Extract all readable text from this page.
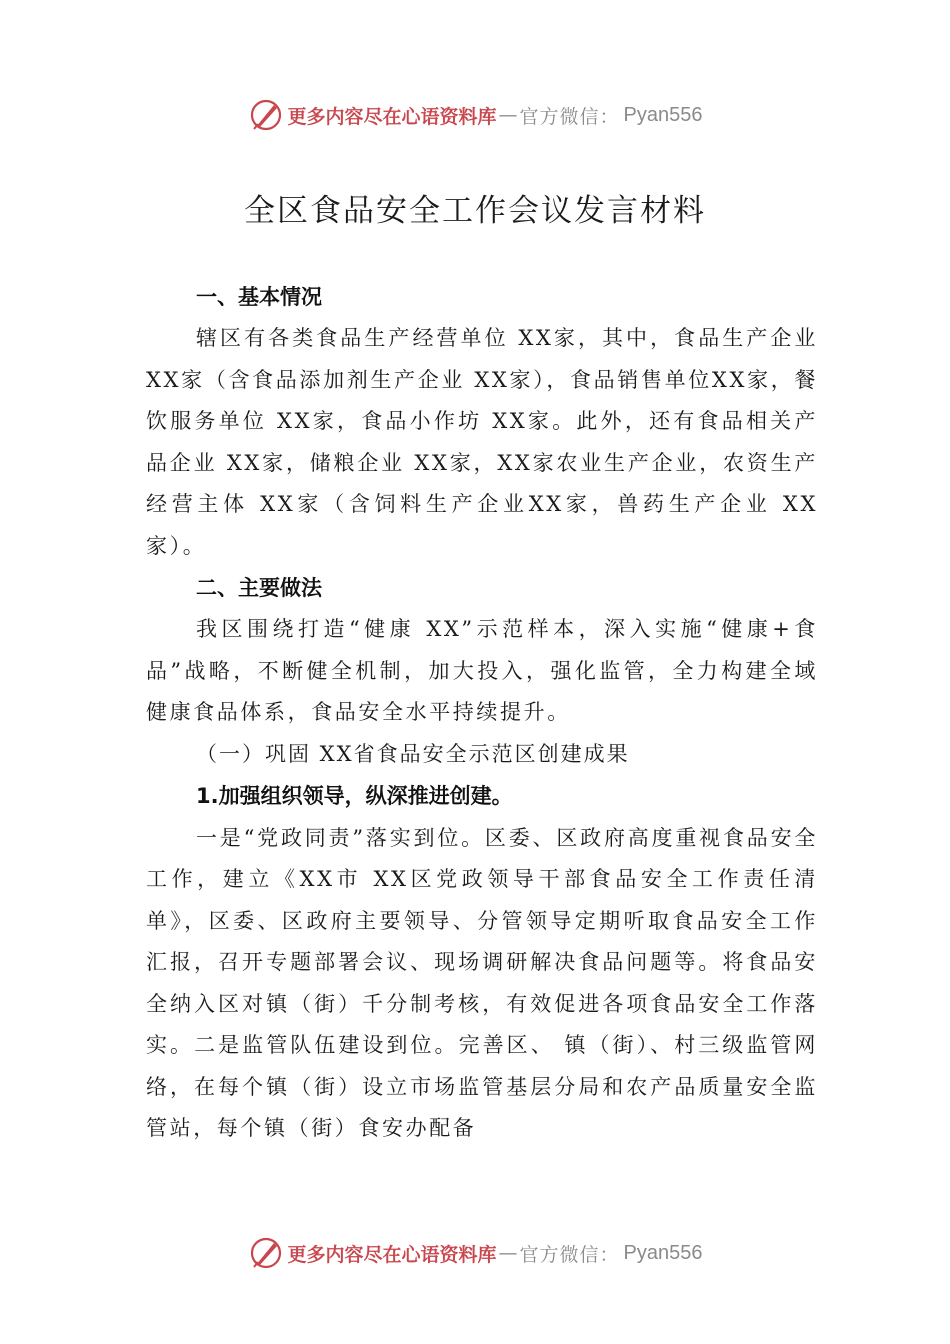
更多内容尽在心语资料库 — 官方微信： Pyan556
全区食品安全工作会议发言材料
一、基本情况

辖区有各类食品生产经营单位 XX家，其中，食品生产企业 XX家（含食品添加剂生产企业 XX家），食品销售单位XX家，餐饮服务单位 XX家，食品小作坊 XX家。此外，还有食品相关产品企业 XX家，储粮企业 XX家，XX家农业生产企业，农资生产经营主体 XX家（含饲料生产企业XX家，兽药生产企业 XX家）。

二、主要做法

我区围绕打造“健康 XX”示范样本，深入实施“健康+食品”战略，不断健全机制，加大投入，强化监管，全力构建全域健康食品体系，食品安全水平持续提升。

（一）巩固 XX省食品安全示范区创建成果
1.加强组织领导，纵深推进创建。

一是“党政同责”落实到位。区委、区政府高度重视食品安全工作，建立《XX市 XX区党政领导干部食品安全工作责任清单》，区委、区政府主要领导、分管领导定期听取食品安全工作汇报，召开专题部署会议、现场调研解决食品问题等。将食品安全纳入区对镇（街）千分制考核，有效促进各项食品安全工作落实。二是监管队伍建设到位。完善区、 镇（街）、村三级监管网络，在每个镇（街）设立市场监管基层分局和农产品质量安全监管站，每个镇（街）食安办配备

更多内容尽在心语资料库 — 官方微信： Pyan556
